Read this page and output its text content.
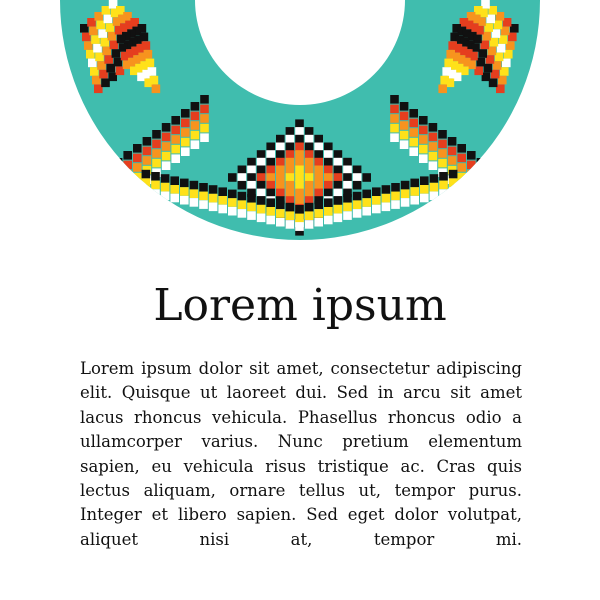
Lorem ipsum
Lorem ipsum dolor sit amet, consectetur adipiscing elit. Quisque ut laoreet dui. Sed in arcu sit amet lacus rhoncus vehicula. Phasellus rhoncus odio a ullamcorper varius. Nunc pretium elementum sapien, eu vehicula risus tristique ac. Cras quis lectus aliquam, ornare tellus ut, tempor purus. Integer et libero sapien. Sed eget dolor volutpat, aliquet nisi at, tempor mi.
